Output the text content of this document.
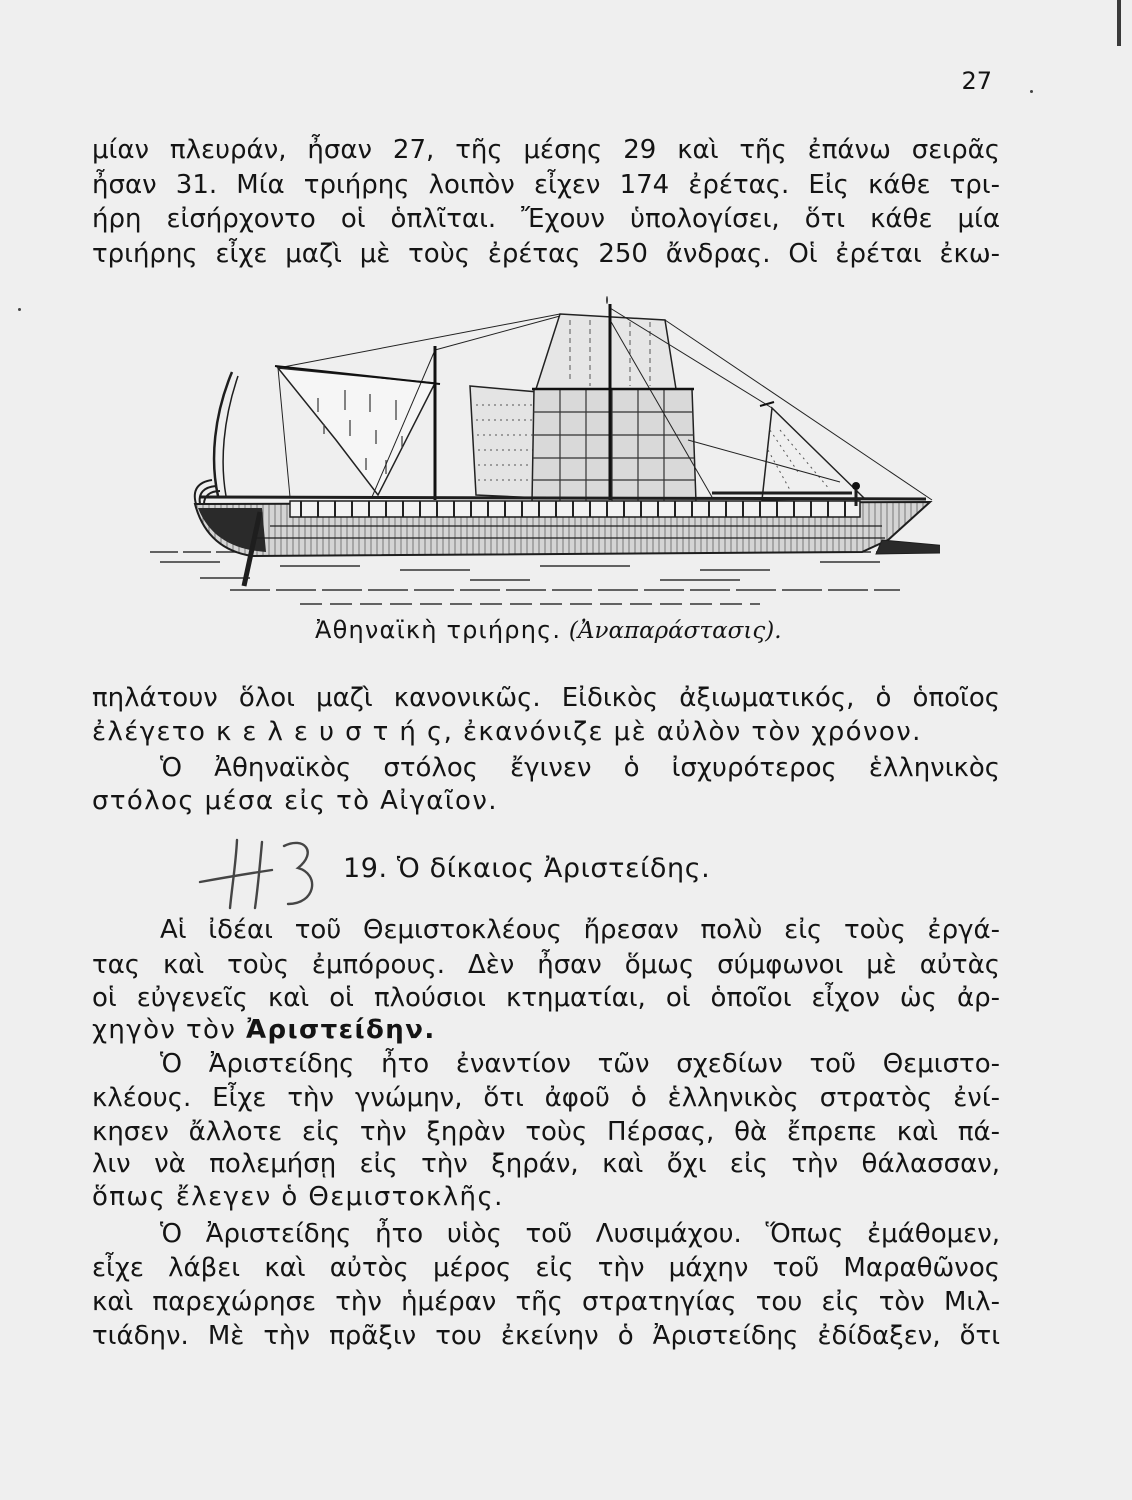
27
μίαν πλευράν, ἦσαν 27, τῆς μέσης 29 καὶ τῆς ἐπάνω σειρᾶς
ἦσαν 31. Μία τριήρης λοιπὸν εἶχεν 174 ἐρέτας. Εἰς κάθε τρι-
ήρη εἰσήρχοντο οἱ ὁπλῖται. Ἔχουν ὑπολογίσει, ὅτι κάθε μία
τριήρης εἶχε μαζὶ μὲ τοὺς ἐρέτας 250 ἄνδρας. Οἱ ἐρέται ἐκω-
Ἀθηναϊκὴ τριήρης. (Ἀναπαράστασις).
πηλάτουν ὅλοι μαζὶ κανονικῶς. Εἰδικὸς ἀξιωματικός, ὁ ὁποῖος
ἐλέγετο κ ε λ ε υ σ τ ή ς, ἐκανόνιζε μὲ αὐλὸν τὸν χρόνον.
Ὁ Ἀθηναϊκὸς στόλος ἔγινεν ὁ ἰσχυρότερος ἑλληνικὸς
στόλος μέσα εἰς τὸ Αἰγαῖον.
19. Ὁ δίκαιος Ἀριστείδης.
Αἱ ἰδέαι τοῦ Θεμιστοκλέους ἤρεσαν πολὺ εἰς τοὺς ἐργά-
τας καὶ τοὺς ἐμπόρους. Δὲν ἦσαν ὅμως σύμφωνοι μὲ αὐτὰς
οἱ εὐγενεῖς καὶ οἱ πλούσιοι κτηματίαι, οἱ ὁποῖοι εἶχον ὡς ἀρ-
χηγὸν τὸν Ἀριστείδην.
Ὁ Ἀριστείδης ἦτο ἐναντίον τῶν σχεδίων τοῦ Θεμιστο-
κλέους. Εἶχε τὴν γνώμην, ὅτι ἀφοῦ ὁ ἑλληνικὸς στρατὸς ἐνί-
κησεν ἄλλοτε εἰς τὴν ξηρὰν τοὺς Πέρσας, θὰ ἔπρεπε καὶ πά-
λιν νὰ πολεμήσῃ εἰς τὴν ξηράν, καὶ ὄχι εἰς τὴν θάλασσαν,
ὅπως ἔλεγεν ὁ Θεμιστοκλῆς.
Ὁ Ἀριστείδης ἦτο υἱὸς τοῦ Λυσιμάχου. Ὅπως ἐμάθομεν,
εἶχε λάβει καὶ αὐτὸς μέρος εἰς τὴν μάχην τοῦ Μαραθῶνος
καὶ παρεχώρησε τὴν ἡμέραν τῆς στρατηγίας του εἰς τὸν Μιλ-
τιάδην. Μὲ τὴν πρᾶξιν του ἐκείνην ὁ Ἀριστείδης ἐδίδαξεν, ὅτι
